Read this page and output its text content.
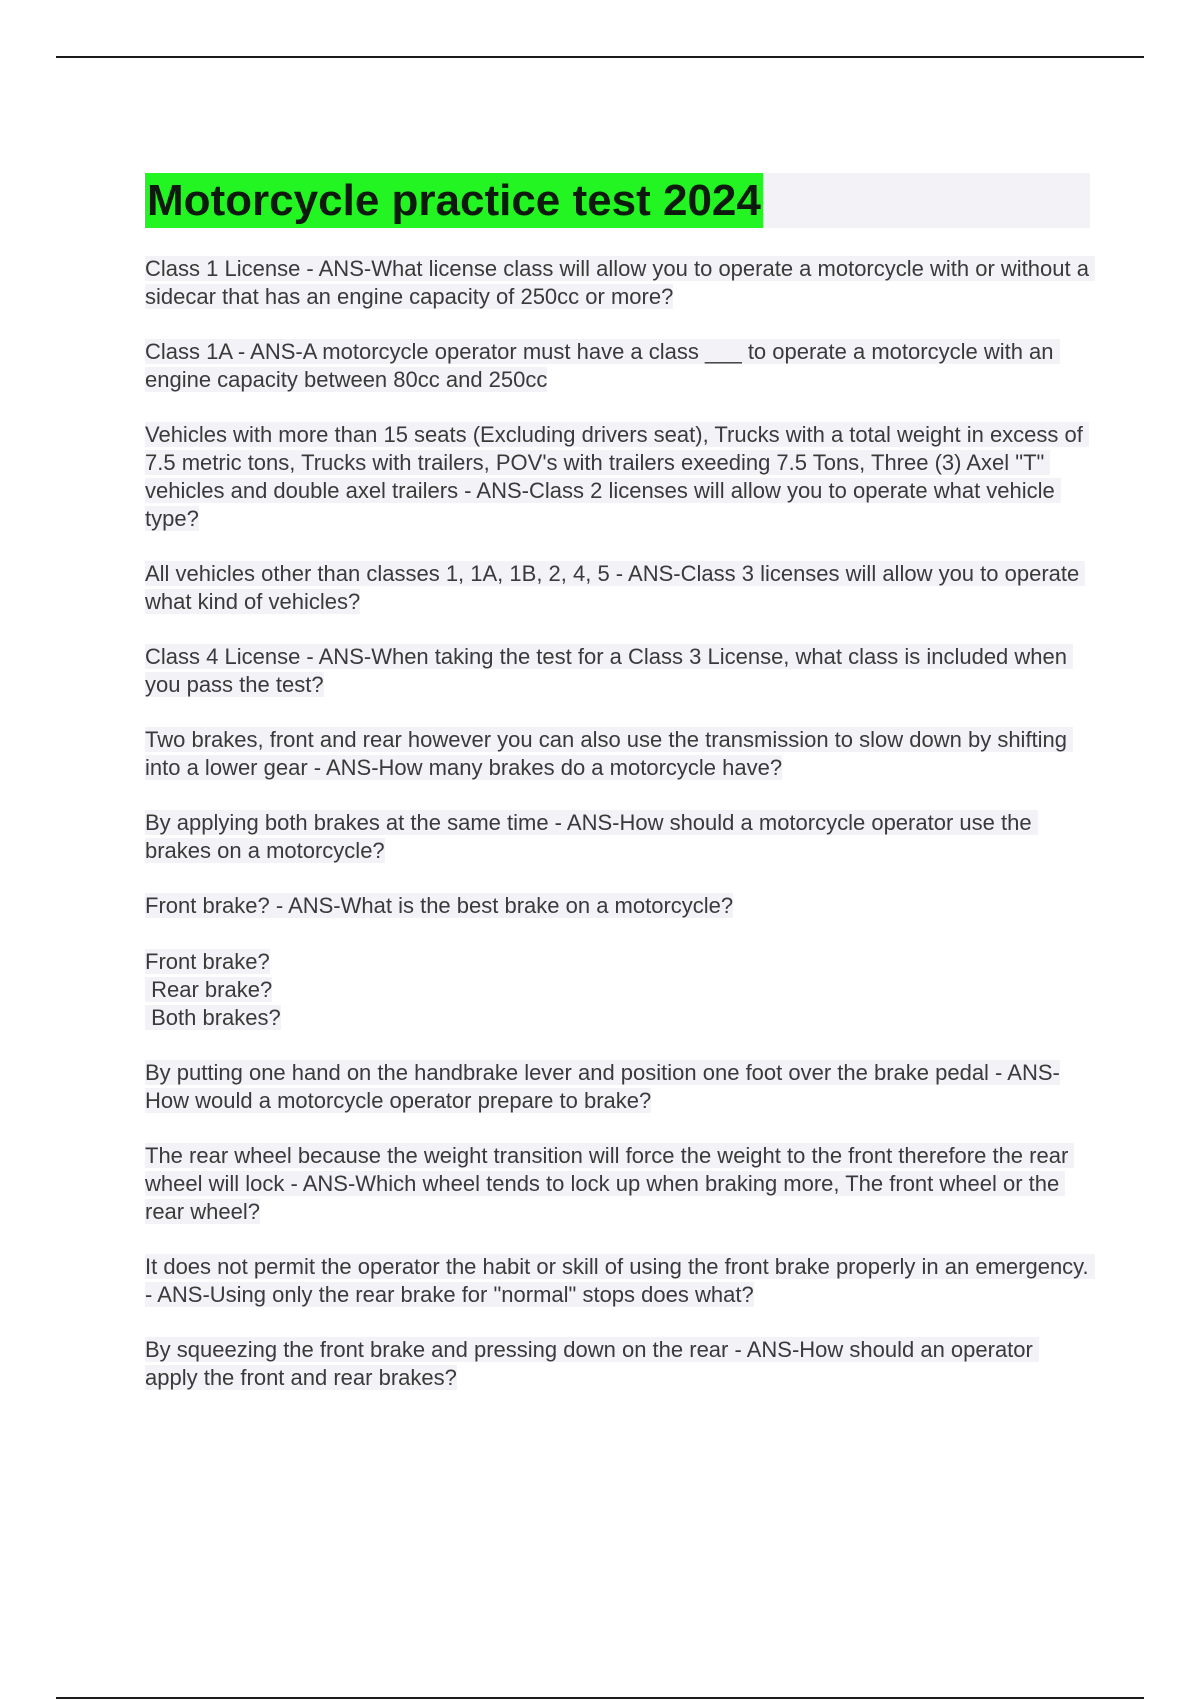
Motorcycle practice test 2024

Class 1 License - ANS-What license class will allow you to operate a motorcycle with or without a sidecar that has an engine capacity of 250cc or more?

Class 1A - ANS-A motorcycle operator must have a class ___ to operate a motorcycle with an engine capacity between 80cc and 250cc

Vehicles with more than 15 seats (Excluding drivers seat), Trucks with a total weight in excess of 7.5 metric tons, Trucks with trailers, POV's with trailers exeeding 7.5 Tons, Three (3) Axel "T" vehicles and double axel trailers - ANS-Class 2 licenses will allow you to operate what vehicle type?

All vehicles other than classes 1, 1A, 1B, 2, 4, 5 - ANS-Class 3 licenses will allow you to operate what kind of vehicles?

Class 4 License - ANS-When taking the test for a Class 3 License, what class is included when you pass the test?

Two brakes, front and rear however you can also use the transmission to slow down by shifting into a lower gear - ANS-How many brakes do a motorcycle have?

By applying both brakes at the same time - ANS-How should a motorcycle operator use the brakes on a motorcycle?

Front brake? - ANS-What is the best brake on a motorcycle?

Front brake?
Rear brake?
Both brakes?

By putting one hand on the handbrake lever and position one foot over the brake pedal - ANS-How would a motorcycle operator prepare to brake?

The rear wheel because the weight transition will force the weight to the front therefore the rear wheel will lock - ANS-Which wheel tends to lock up when braking more, The front wheel or the rear wheel?

It does not permit the operator the habit or skill of using the front brake properly in an emergency. - ANS-Using only the rear brake for "normal" stops does what?

By squeezing the front brake and pressing down on the rear - ANS-How should an operator apply the front and rear brakes?
